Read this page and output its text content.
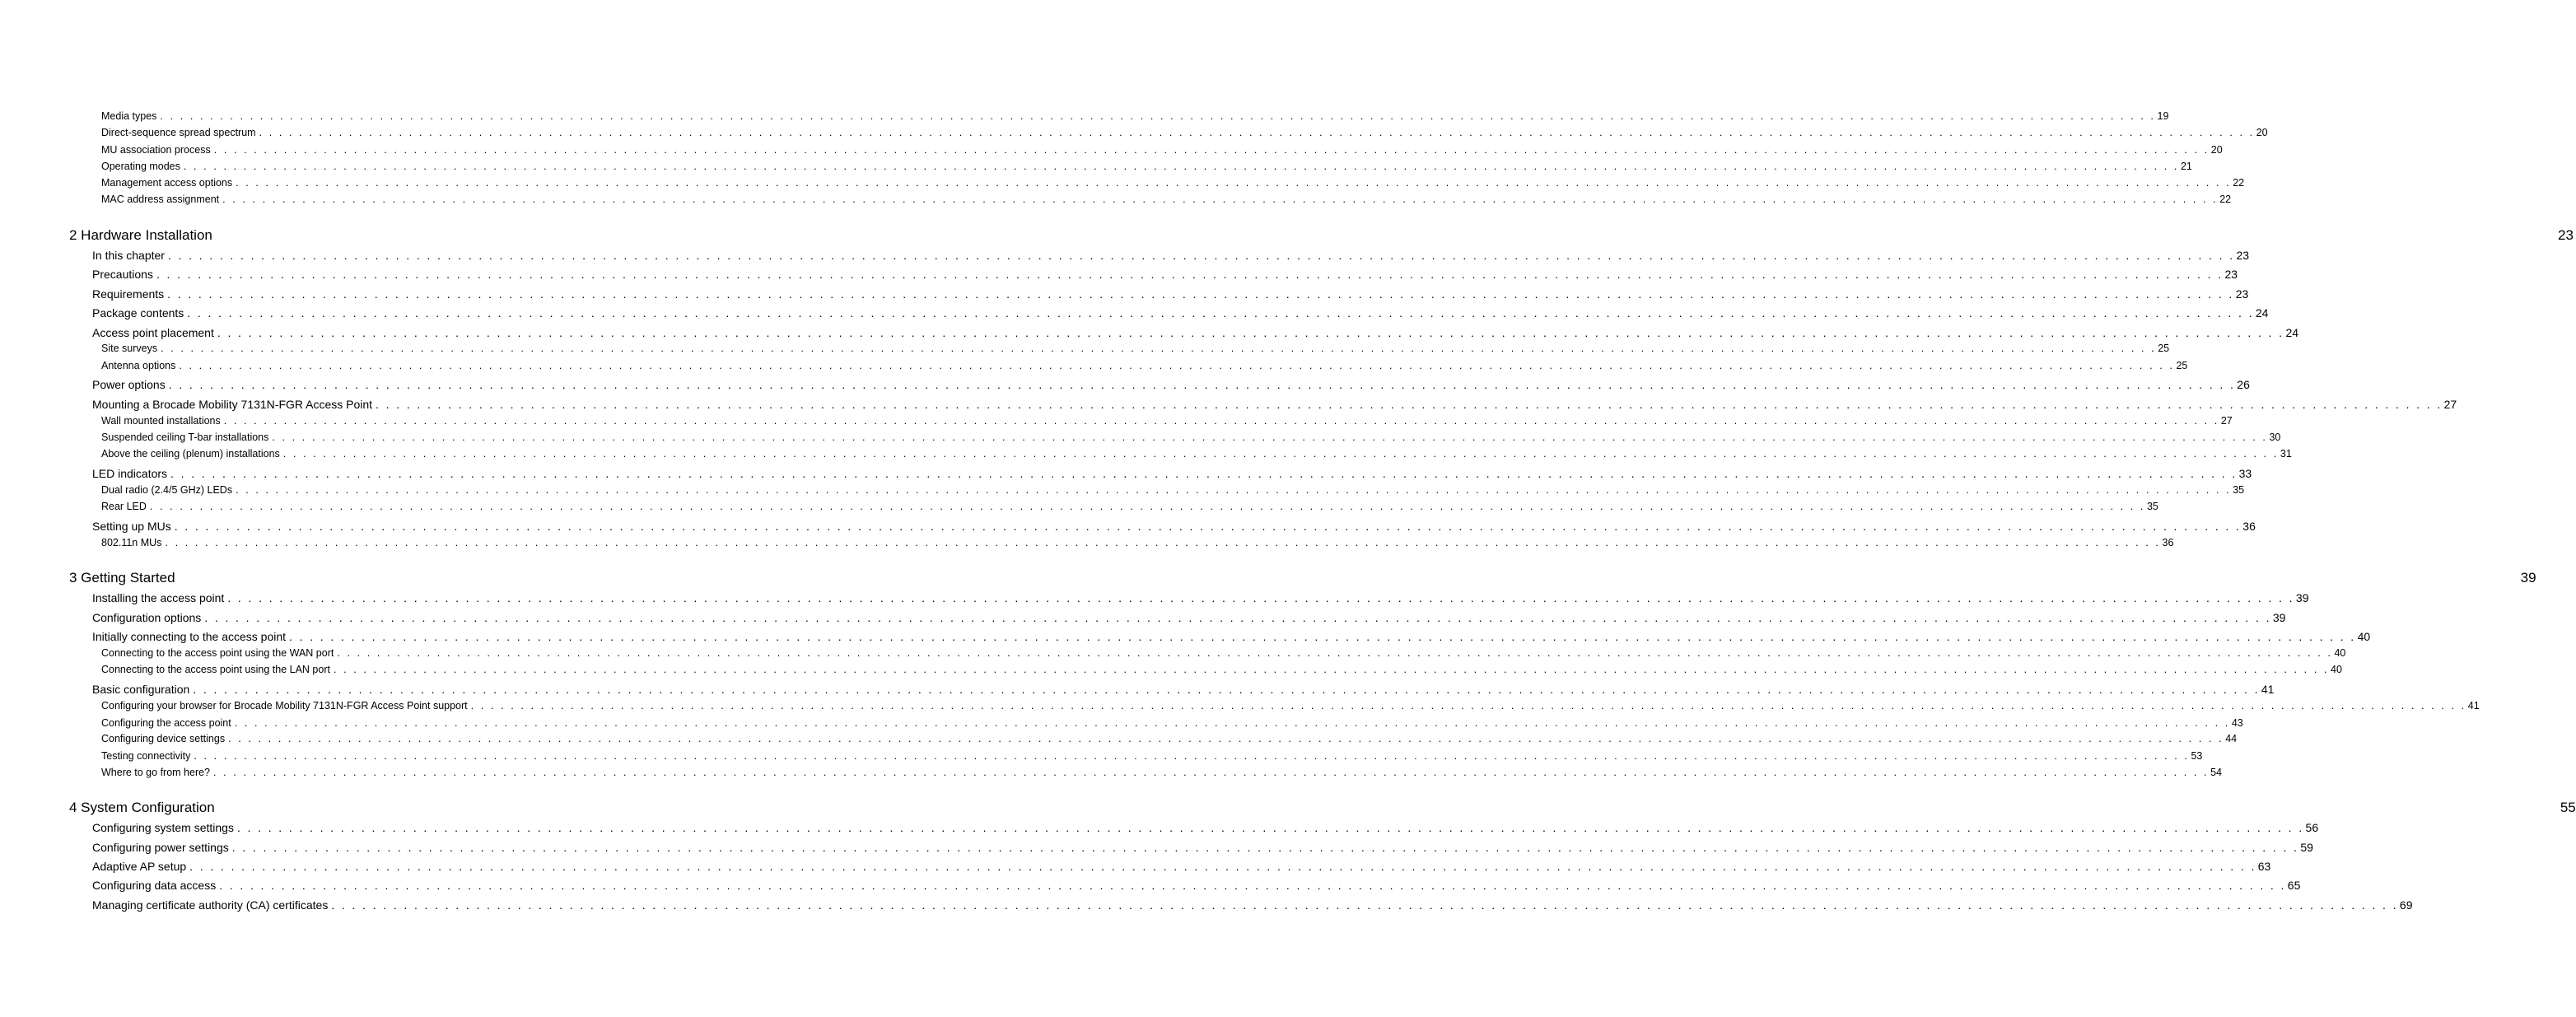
Media types . . . . . . . . . . . . . . . . . . . . . . . . . . . . . . . . . . . . . . . . . . . . . . . . . . . . . . . . . . . . . . . . . . . . . . . . . . . . . . . . . . . . . . . . . . . . . . . . . . . . . . . . . . . . . . . . . . . . . . . . . . . . . . . . . . . . . . . . . . . . . . . . . . . . . . . . . . . . . . . . . . . . . . . . . . . . . . . . . . . . . . . . . . . . . . . . . . . . . . . . 19
Direct-sequence spread spectrum . . . . . . . . . . . . . . . . . . . . . . . . . . . . . . . . . . . . . . . . . . . . . . . . . . . . . . . . . . . . . . . . . . . . . . . . . . . . . . . . . . . . . . . . . . . . . . . . . . . . . . . . . . . . . . . . . . . . . . . . . . . . . . . . . . . . . . . . . . . . . . . . . . . . . . . . . . . . . . . . . . . . . . . . . . . . . . . . . . . . . . . . . . . . . . . . . . . . . . . . 20
MU association process . . . . . . . . . . . . . . . . . . . . . . . . . . . . . . . . . . . . . . . . . . . . . . . . . . . . . . . . . . . . . . . . . . . . . . . . . . . . . . . . . . . . . . . . . . . . . . . . . . . . . . . . . . . . . . . . . . . . . . . . . . . . . . . . . . . . . . . . . . . . . . . . . . . . . . . . . . . . . . . . . . . . . . . . . . . . . . . . . . . . . . . . . . . . . . . . . . . . . . . . 20
Operating modes . . . . . . . . . . . . . . . . . . . . . . . . . . . . . . . . . . . . . . . . . . . . . . . . . . . . . . . . . . . . . . . . . . . . . . . . . . . . . . . . . . . . . . . . . . . . . . . . . . . . . . . . . . . . . . . . . . . . . . . . . . . . . . . . . . . . . . . . . . . . . . . . . . . . . . . . . . . . . . . . . . . . . . . . . . . . . . . . . . . . . . . . . . . . . . . . . . . . . . . . 21
Management access options . . . . . . . . . . . . . . . . . . . . . . . . . . . . . . . . . . . . . . . . . . . . . . . . . . . . . . . . . . . . . . . . . . . . . . . . . . . . . . . . . . . . . . . . . . . . . . . . . . . . . . . . . . . . . . . . . . . . . . . . . . . . . . . . . . . . . . . . . . . . . . . . . . . . . . . . . . . . . . . . . . . . . . . . . . . . . . . . . . . . . . . . . . . . . . . . . . . . . . . . 22
MAC address assignment . . . . . . . . . . . . . . . . . . . . . . . . . . . . . . . . . . . . . . . . . . . . . . . . . . . . . . . . . . . . . . . . . . . . . . . . . . . . . . . . . . . . . . . . . . . . . . . . . . . . . . . . . . . . . . . . . . . . . . . . . . . . . . . . . . . . . . . . . . . . . . . . . . . . . . . . . . . . . . . . . . . . . . . . . . . . . . . . . . . . . . . . . . . . . . . . . . . . . . . . 22
2 Hardware Installation	23
In this chapter . . . . . . . . . . . . . . . . . . . . . . . . . . . . . . . . . . . . . . . . . . . . . . . . . . . . . . . . . . . . . . . . . . . . . . . . . . . . . . . . . . . . . . . . . . . . . . . . . . . . . . . . . . . . . . . . . . . . . . . . . . . . . . . . . . . . . . . . . . . . . . . . . . . . . . . . . . . . . . . . . . . . . . . . . . . . . . . . . . . . . . . . . . . . . . . . . . . . . . . . 23
Precautions . . . . . . . . . . . . . . . . . . . . . . . . . . . . . . . . . . . . . . . . . . . . . . . . . . . . . . . . . . . . . . . . . . . . . . . . . . . . . . . . . . . . . . . . . . . . . . . . . . . . . . . . . . . . . . . . . . . . . . . . . . . . . . . . . . . . . . . . . . . . . . . . . . . . . . . . . . . . . . . . . . . . . . . . . . . . . . . . . . . . . . . . . . . . . . . . . . . . . . . . 23
Requirements . . . . . . . . . . . . . . . . . . . . . . . . . . . . . . . . . . . . . . . . . . . . . . . . . . . . . . . . . . . . . . . . . . . . . . . . . . . . . . . . . . . . . . . . . . . . . . . . . . . . . . . . . . . . . . . . . . . . . . . . . . . . . . . . . . . . . . . . . . . . . . . . . . . . . . . . . . . . . . . . . . . . . . . . . . . . . . . . . . . . . . . . . . . . . . . . . . . . . . . . 23
Package contents . . . . . . . . . . . . . . . . . . . . . . . . . . . . . . . . . . . . . . . . . . . . . . . . . . . . . . . . . . . . . . . . . . . . . . . . . . . . . . . . . . . . . . . . . . . . . . . . . . . . . . . . . . . . . . . . . . . . . . . . . . . . . . . . . . . . . . . . . . . . . . . . . . . . . . . . . . . . . . . . . . . . . . . . . . . . . . . . . . . . . . . . . . . . . . . . . . . . . . . . 24
Access point placement . . . . . . . . . . . . . . . . . . . . . . . . . . . . . . . . . . . . . . . . . . . . . . . . . . . . . . . . . . . . . . . . . . . . . . . . . . . . . . . . . . . . . . . . . . . . . . . . . . . . . . . . . . . . . . . . . . . . . . . . . . . . . . . . . . . . . . . . . . . . . . . . . . . . . . . . . . . . . . . . . . . . . . . . . . . . . . . . . . . . . . . . . . . . . . . . . . . . . . . . 24
Site surveys . . . . . . . . . . . . . . . . . . . . . . . . . . . . . . . . . . . . . . . . . . . . . . . . . . . . . . . . . . . . . . . . . . . . . . . . . . . . . . . . . . . . . . . . . . . . . . . . . . . . . . . . . . . . . . . . . . . . . . . . . . . . . . . . . . . . . . . . . . . . . . . . . . . . . . . . . . . . . . . . . . . . . . . . . . . . . . . . . . . . . . . . . . . . . . . . . . . . . . . . 25
Antenna options . . . . . . . . . . . . . . . . . . . . . . . . . . . . . . . . . . . . . . . . . . . . . . . . . . . . . . . . . . . . . . . . . . . . . . . . . . . . . . . . . . . . . . . . . . . . . . . . . . . . . . . . . . . . . . . . . . . . . . . . . . . . . . . . . . . . . . . . . . . . . . . . . . . . . . . . . . . . . . . . . . . . . . . . . . . . . . . . . . . . . . . . . . . . . . . . . . . . . . . . 25
Power options . . . . . . . . . . . . . . . . . . . . . . . . . . . . . . . . . . . . . . . . . . . . . . . . . . . . . . . . . . . . . . . . . . . . . . . . . . . . . . . . . . . . . . . . . . . . . . . . . . . . . . . . . . . . . . . . . . . . . . . . . . . . . . . . . . . . . . . . . . . . . . . . . . . . . . . . . . . . . . . . . . . . . . . . . . . . . . . . . . . . . . . . . . . . . . . . . . . . . . . . 26
Mounting a Brocade Mobility 7131N-FGR Access Point . . . . . . . . . . . . . . . . . . . . . . . . . . . . . . . . . . . . . . . . . . . . . . . . . . . . . . . . . . . . . . . . . . . . . . . . . . . . . . . . . . . . . . . . . . . . . . . . . . . . . . . . . . . . . . . . . . . . . . . . . . . . . . . . . . . . . . . . . . . . . . . . . . . . . . . . . . . . . . . . . . . . . . . . . . . . . . . . . . . . . . . . . . . . . . . . . . . . . . . . 27
Wall mounted installations . . . . . . . . . . . . . . . . . . . . . . . . . . . . . . . . . . . . . . . . . . . . . . . . . . . . . . . . . . . . . . . . . . . . . . . . . . . . . . . . . . . . . . . . . . . . . . . . . . . . . . . . . . . . . . . . . . . . . . . . . . . . . . . . . . . . . . . . . . . . . . . . . . . . . . . . . . . . . . . . . . . . . . . . . . . . . . . . . . . . . . . . . . . . . . . . . . . . . . . . 27
Suspended ceiling T-bar installations . . . . . . . . . . . . . . . . . . . . . . . . . . . . . . . . . . . . . . . . . . . . . . . . . . . . . . . . . . . . . . . . . . . . . . . . . . . . . . . . . . . . . . . . . . . . . . . . . . . . . . . . . . . . . . . . . . . . . . . . . . . . . . . . . . . . . . . . . . . . . . . . . . . . . . . . . . . . . . . . . . . . . . . . . . . . . . . . . . . . . . . . . . . . . . . . . . . . . . . . 30
Above the ceiling (plenum) installations . . . . . . . . . . . . . . . . . . . . . . . . . . . . . . . . . . . . . . . . . . . . . . . . . . . . . . . . . . . . . . . . . . . . . . . . . . . . . . . . . . . . . . . . . . . . . . . . . . . . . . . . . . . . . . . . . . . . . . . . . . . . . . . . . . . . . . . . . . . . . . . . . . . . . . . . . . . . . . . . . . . . . . . . . . . . . . . . . . . . . . . . . . . . . . . . . . . . . . . . 31
LED indicators . . . . . . . . . . . . . . . . . . . . . . . . . . . . . . . . . . . . . . . . . . . . . . . . . . . . . . . . . . . . . . . . . . . . . . . . . . . . . . . . . . . . . . . . . . . . . . . . . . . . . . . . . . . . . . . . . . . . . . . . . . . . . . . . . . . . . . . . . . . . . . . . . . . . . . . . . . . . . . . . . . . . . . . . . . . . . . . . . . . . . . . . . . . . . . . . . . . . . . . . 33
Dual radio (2.4/5 GHz) LEDs . . . . . . . . . . . . . . . . . . . . . . . . . . . . . . . . . . . . . . . . . . . . . . . . . . . . . . . . . . . . . . . . . . . . . . . . . . . . . . . . . . . . . . . . . . . . . . . . . . . . . . . . . . . . . . . . . . . . . . . . . . . . . . . . . . . . . . . . . . . . . . . . . . . . . . . . . . . . . . . . . . . . . . . . . . . . . . . . . . . . . . . . . . . . . . . . . . . . . . . . 35
Rear LED . . . . . . . . . . . . . . . . . . . . . . . . . . . . . . . . . . . . . . . . . . . . . . . . . . . . . . . . . . . . . . . . . . . . . . . . . . . . . . . . . . . . . . . . . . . . . . . . . . . . . . . . . . . . . . . . . . . . . . . . . . . . . . . . . . . . . . . . . . . . . . . . . . . . . . . . . . . . . . . . . . . . . . . . . . . . . . . . . . . . . . . . . . . . . . . . . . . . . . . . 35
Setting up MUs . . . . . . . . . . . . . . . . . . . . . . . . . . . . . . . . . . . . . . . . . . . . . . . . . . . . . . . . . . . . . . . . . . . . . . . . . . . . . . . . . . . . . . . . . . . . . . . . . . . . . . . . . . . . . . . . . . . . . . . . . . . . . . . . . . . . . . . . . . . . . . . . . . . . . . . . . . . . . . . . . . . . . . . . . . . . . . . . . . . . . . . . . . . . . . . . . . . . . . . . 36
802.11n MUs . . . . . . . . . . . . . . . . . . . . . . . . . . . . . . . . . . . . . . . . . . . . . . . . . . . . . . . . . . . . . . . . . . . . . . . . . . . . . . . . . . . . . . . . . . . . . . . . . . . . . . . . . . . . . . . . . . . . . . . . . . . . . . . . . . . . . . . . . . . . . . . . . . . . . . . . . . . . . . . . . . . . . . . . . . . . . . . . . . . . . . . . . . . . . . . . . . . . . . . . 36
3 Getting Started	39
Installing the access point . . . . . . . . . . . . . . . . . . . . . . . . . . . . . . . . . . . . . . . . . . . . . . . . . . . . . . . . . . . . . . . . . . . . . . . . . . . . . . . . . . . . . . . . . . . . . . . . . . . . . . . . . . . . . . . . . . . . . . . . . . . . . . . . . . . . . . . . . . . . . . . . . . . . . . . . . . . . . . . . . . . . . . . . . . . . . . . . . . . . . . . . . . . . . . . . . . . . . . . . 39
Configuration options . . . . . . . . . . . . . . . . . . . . . . . . . . . . . . . . . . . . . . . . . . . . . . . . . . . . . . . . . . . . . . . . . . . . . . . . . . . . . . . . . . . . . . . . . . . . . . . . . . . . . . . . . . . . . . . . . . . . . . . . . . . . . . . . . . . . . . . . . . . . . . . . . . . . . . . . . . . . . . . . . . . . . . . . . . . . . . . . . . . . . . . . . . . . . . . . . . . . . . . . 39
Initially connecting to the access point . . . . . . . . . . . . . . . . . . . . . . . . . . . . . . . . . . . . . . . . . . . . . . . . . . . . . . . . . . . . . . . . . . . . . . . . . . . . . . . . . . . . . . . . . . . . . . . . . . . . . . . . . . . . . . . . . . . . . . . . . . . . . . . . . . . . . . . . . . . . . . . . . . . . . . . . . . . . . . . . . . . . . . . . . . . . . . . . . . . . . . . . . . . . . . . . . . . . . . . . 40
Connecting to the access point using the WAN port . . . . . . . . . . . . . . . . . . . . . . . . . . . . . . . . . . . . . . . . . . . . . . . . . . . . . . . . . . . . . . . . . . . . . . . . . . . . . . . . . . . . . . . . . . . . . . . . . . . . . . . . . . . . . . . . . . . . . . . . . . . . . . . . . . . . . . . . . . . . . . . . . . . . . . . . . . . . . . . . . . . . . . . . . . . . . . . . . . . . . . . . . . . . . . . . . . . . . . . . 40
Connecting to the access point using the LAN port . . . . . . . . . . . . . . . . . . . . . . . . . . . . . . . . . . . . . . . . . . . . . . . . . . . . . . . . . . . . . . . . . . . . . . . . . . . . . . . . . . . . . . . . . . . . . . . . . . . . . . . . . . . . . . . . . . . . . . . . . . . . . . . . . . . . . . . . . . . . . . . . . . . . . . . . . . . . . . . . . . . . . . . . . . . . . . . . . . . . . . . . . . . . . . . . . . . . . . . . 40
Basic configuration . . . . . . . . . . . . . . . . . . . . . . . . . . . . . . . . . . . . . . . . . . . . . . . . . . . . . . . . . . . . . . . . . . . . . . . . . . . . . . . . . . . . . . . . . . . . . . . . . . . . . . . . . . . . . . . . . . . . . . . . . . . . . . . . . . . . . . . . . . . . . . . . . . . . . . . . . . . . . . . . . . . . . . . . . . . . . . . . . . . . . . . . . . . . . . . . . . . . . . . . 41
Configuring your browser for Brocade Mobility 7131N-FGR Access Point support . . . . . . . . . . . . . . . . . . . . . . . . . . . . . . . . . . . . . . . . . . . . . . . . . . . . . . . . . . . . . . . . . . . . . . . . . . . . . . . . . . . . . . . . . . . . . . . . . . . . . . . . . . . . . . . . . . . . . . . . . . . . . . . . . . . . . . . . . . . . . . . . . . . . . . . . . . . . . . . . . . . . . . . . . . . . . . . . . . . . . . . . . . . . . . . . . . . . . . . . 41
Configuring the access point . . . . . . . . . . . . . . . . . . . . . . . . . . . . . . . . . . . . . . . . . . . . . . . . . . . . . . . . . . . . . . . . . . . . . . . . . . . . . . . . . . . . . . . . . . . . . . . . . . . . . . . . . . . . . . . . . . . . . . . . . . . . . . . . . . . . . . . . . . . . . . . . . . . . . . . . . . . . . . . . . . . . . . . . . . . . . . . . . . . . . . . . . . . . . . . . . . . . . . . . 43
Configuring device settings . . . . . . . . . . . . . . . . . . . . . . . . . . . . . . . . . . . . . . . . . . . . . . . . . . . . . . . . . . . . . . . . . . . . . . . . . . . . . . . . . . . . . . . . . . . . . . . . . . . . . . . . . . . . . . . . . . . . . . . . . . . . . . . . . . . . . . . . . . . . . . . . . . . . . . . . . . . . . . . . . . . . . . . . . . . . . . . . . . . . . . . . . . . . . . . . . . . . . . . . 44
Testing connectivity . . . . . . . . . . . . . . . . . . . . . . . . . . . . . . . . . . . . . . . . . . . . . . . . . . . . . . . . . . . . . . . . . . . . . . . . . . . . . . . . . . . . . . . . . . . . . . . . . . . . . . . . . . . . . . . . . . . . . . . . . . . . . . . . . . . . . . . . . . . . . . . . . . . . . . . . . . . . . . . . . . . . . . . . . . . . . . . . . . . . . . . . . . . . . . . . . . . . . . . . 53
Where to go from here? . . . . . . . . . . . . . . . . . . . . . . . . . . . . . . . . . . . . . . . . . . . . . . . . . . . . . . . . . . . . . . . . . . . . . . . . . . . . . . . . . . . . . . . . . . . . . . . . . . . . . . . . . . . . . . . . . . . . . . . . . . . . . . . . . . . . . . . . . . . . . . . . . . . . . . . . . . . . . . . . . . . . . . . . . . . . . . . . . . . . . . . . . . . . . . . . . . . . . . . . 54
4 System Configuration	55
Configuring system settings . . . . . . . . . . . . . . . . . . . . . . . . . . . . . . . . . . . . . . . . . . . . . . . . . . . . . . . . . . . . . . . . . . . . . . . . . . . . . . . . . . . . . . . . . . . . . . . . . . . . . . . . . . . . . . . . . . . . . . . . . . . . . . . . . . . . . . . . . . . . . . . . . . . . . . . . . . . . . . . . . . . . . . . . . . . . . . . . . . . . . . . . . . . . . . . . . . . . . . . . 56
Configuring power settings . . . . . . . . . . . . . . . . . . . . . . . . . . . . . . . . . . . . . . . . . . . . . . . . . . . . . . . . . . . . . . . . . . . . . . . . . . . . . . . . . . . . . . . . . . . . . . . . . . . . . . . . . . . . . . . . . . . . . . . . . . . . . . . . . . . . . . . . . . . . . . . . . . . . . . . . . . . . . . . . . . . . . . . . . . . . . . . . . . . . . . . . . . . . . . . . . . . . . . . . 59
Adaptive AP setup . . . . . . . . . . . . . . . . . . . . . . . . . . . . . . . . . . . . . . . . . . . . . . . . . . . . . . . . . . . . . . . . . . . . . . . . . . . . . . . . . . . . . . . . . . . . . . . . . . . . . . . . . . . . . . . . . . . . . . . . . . . . . . . . . . . . . . . . . . . . . . . . . . . . . . . . . . . . . . . . . . . . . . . . . . . . . . . . . . . . . . . . . . . . . . . . . . . . . . . . 63
Configuring data access . . . . . . . . . . . . . . . . . . . . . . . . . . . . . . . . . . . . . . . . . . . . . . . . . . . . . . . . . . . . . . . . . . . . . . . . . . . . . . . . . . . . . . . . . . . . . . . . . . . . . . . . . . . . . . . . . . . . . . . . . . . . . . . . . . . . . . . . . . . . . . . . . . . . . . . . . . . . . . . . . . . . . . . . . . . . . . . . . . . . . . . . . . . . . . . . . . . . . . . . 65
Managing certificate authority (CA) certificates . . . . . . . . . . . . . . . . . . . . . . . . . . . . . . . . . . . . . . . . . . . . . . . . . . . . . . . . . . . . . . . . . . . . . . . . . . . . . . . . . . . . . . . . . . . . . . . . . . . . . . . . . . . . . . . . . . . . . . . . . . . . . . . . . . . . . . . . . . . . . . . . . . . . . . . . . . . . . . . . . . . . . . . . . . . . . . . . . . . . . . . . . . . . . . . . . . . . . . . . 69
